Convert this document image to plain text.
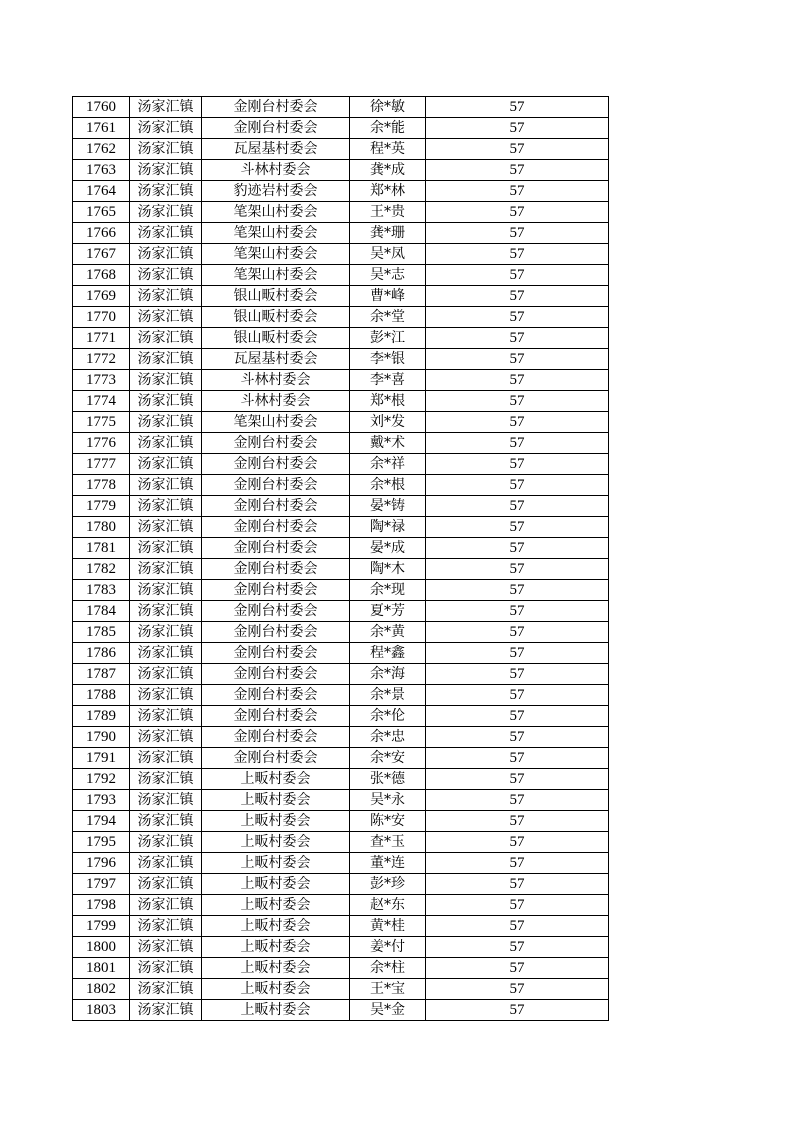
1760	汤家汇镇	金刚台村委会	徐*敏	57
1761	汤家汇镇	金刚台村委会	余*能	57
1762	汤家汇镇	瓦屋基村委会	程*英	57
1763	汤家汇镇	斗林村委会	龚*成	57
1764	汤家汇镇	豹迹岩村委会	郑*林	57
1765	汤家汇镇	笔架山村委会	王*贵	57
1766	汤家汇镇	笔架山村委会	龚*珊	57
1767	汤家汇镇	笔架山村委会	吴*凤	57
1768	汤家汇镇	笔架山村委会	吴*志	57
1769	汤家汇镇	银山畈村委会	曹*峰	57
1770	汤家汇镇	银山畈村委会	余*堂	57
1771	汤家汇镇	银山畈村委会	彭*江	57
1772	汤家汇镇	瓦屋基村委会	李*银	57
1773	汤家汇镇	斗林村委会	李*喜	57
1774	汤家汇镇	斗林村委会	郑*根	57
1775	汤家汇镇	笔架山村委会	刘*发	57
1776	汤家汇镇	金刚台村委会	戴*术	57
1777	汤家汇镇	金刚台村委会	余*祥	57
1778	汤家汇镇	金刚台村委会	余*根	57
1779	汤家汇镇	金刚台村委会	晏*铸	57
1780	汤家汇镇	金刚台村委会	陶*禄	57
1781	汤家汇镇	金刚台村委会	晏*成	57
1782	汤家汇镇	金刚台村委会	陶*木	57
1783	汤家汇镇	金刚台村委会	余*现	57
1784	汤家汇镇	金刚台村委会	夏*芳	57
1785	汤家汇镇	金刚台村委会	余*黄	57
1786	汤家汇镇	金刚台村委会	程*鑫	57
1787	汤家汇镇	金刚台村委会	余*海	57
1788	汤家汇镇	金刚台村委会	余*景	57
1789	汤家汇镇	金刚台村委会	余*伦	57
1790	汤家汇镇	金刚台村委会	余*忠	57
1791	汤家汇镇	金刚台村委会	余*安	57
1792	汤家汇镇	上畈村委会	张*德	57
1793	汤家汇镇	上畈村委会	吴*永	57
1794	汤家汇镇	上畈村委会	陈*安	57
1795	汤家汇镇	上畈村委会	查*玉	57
1796	汤家汇镇	上畈村委会	董*连	57
1797	汤家汇镇	上畈村委会	彭*珍	57
1798	汤家汇镇	上畈村委会	赵*东	57
1799	汤家汇镇	上畈村委会	黄*桂	57
1800	汤家汇镇	上畈村委会	姜*付	57
1801	汤家汇镇	上畈村委会	余*柱	57
1802	汤家汇镇	上畈村委会	王*宝	57
1803	汤家汇镇	上畈村委会	吴*金	57
